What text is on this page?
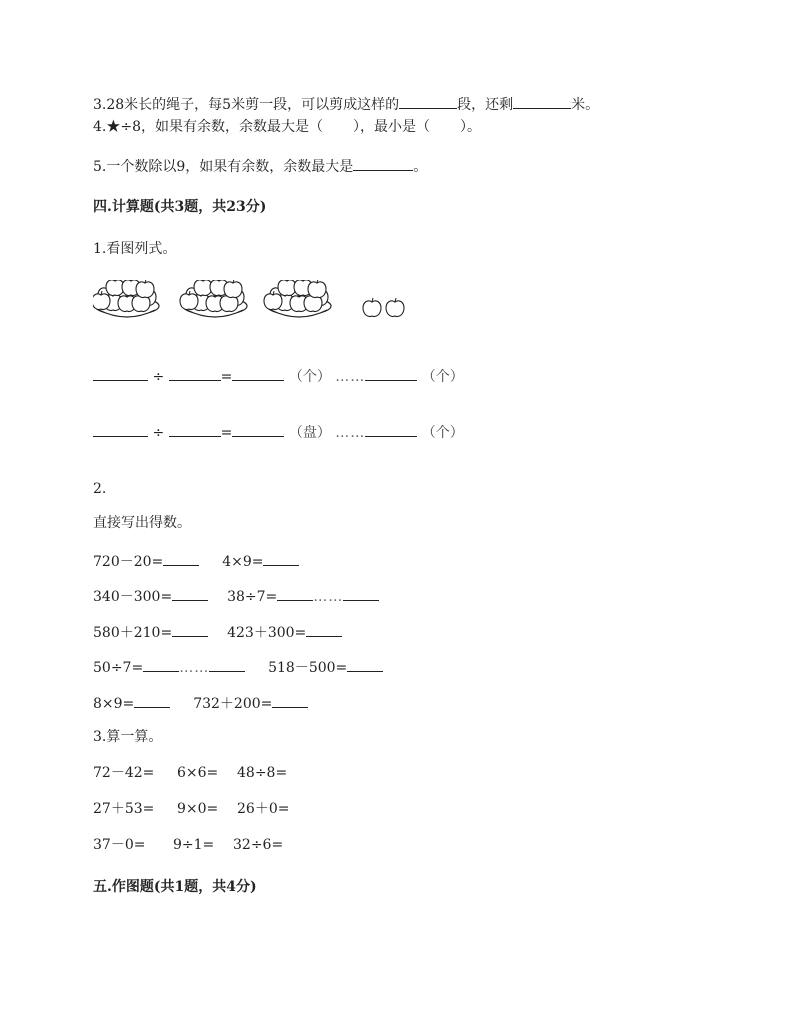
3.28米长的绳子，每5米剪一段，可以剪成这样的	段，还剩	米。
4.★÷8，如果有余数，余数最大是（ ），最小是（ ）。
5.一个数除以9，如果有余数，余数最大是	。
四.计算题(共3题，共23分)
1.看图列式。
÷	=	（个） ……	（个）
÷	=	（盘） ……	（个）
2.
直接写出得数。
720－20=	4×9=
340－300=	38÷7=	……
580＋210=	423＋300=
50÷7=	……	518－500=
8×9=	732＋200=
3.算一算。
72－42= 6×6= 48÷8=
27＋53= 9×0= 26＋0=
37－0= 9÷1= 32÷6=
五.作图题(共1题，共4分)
